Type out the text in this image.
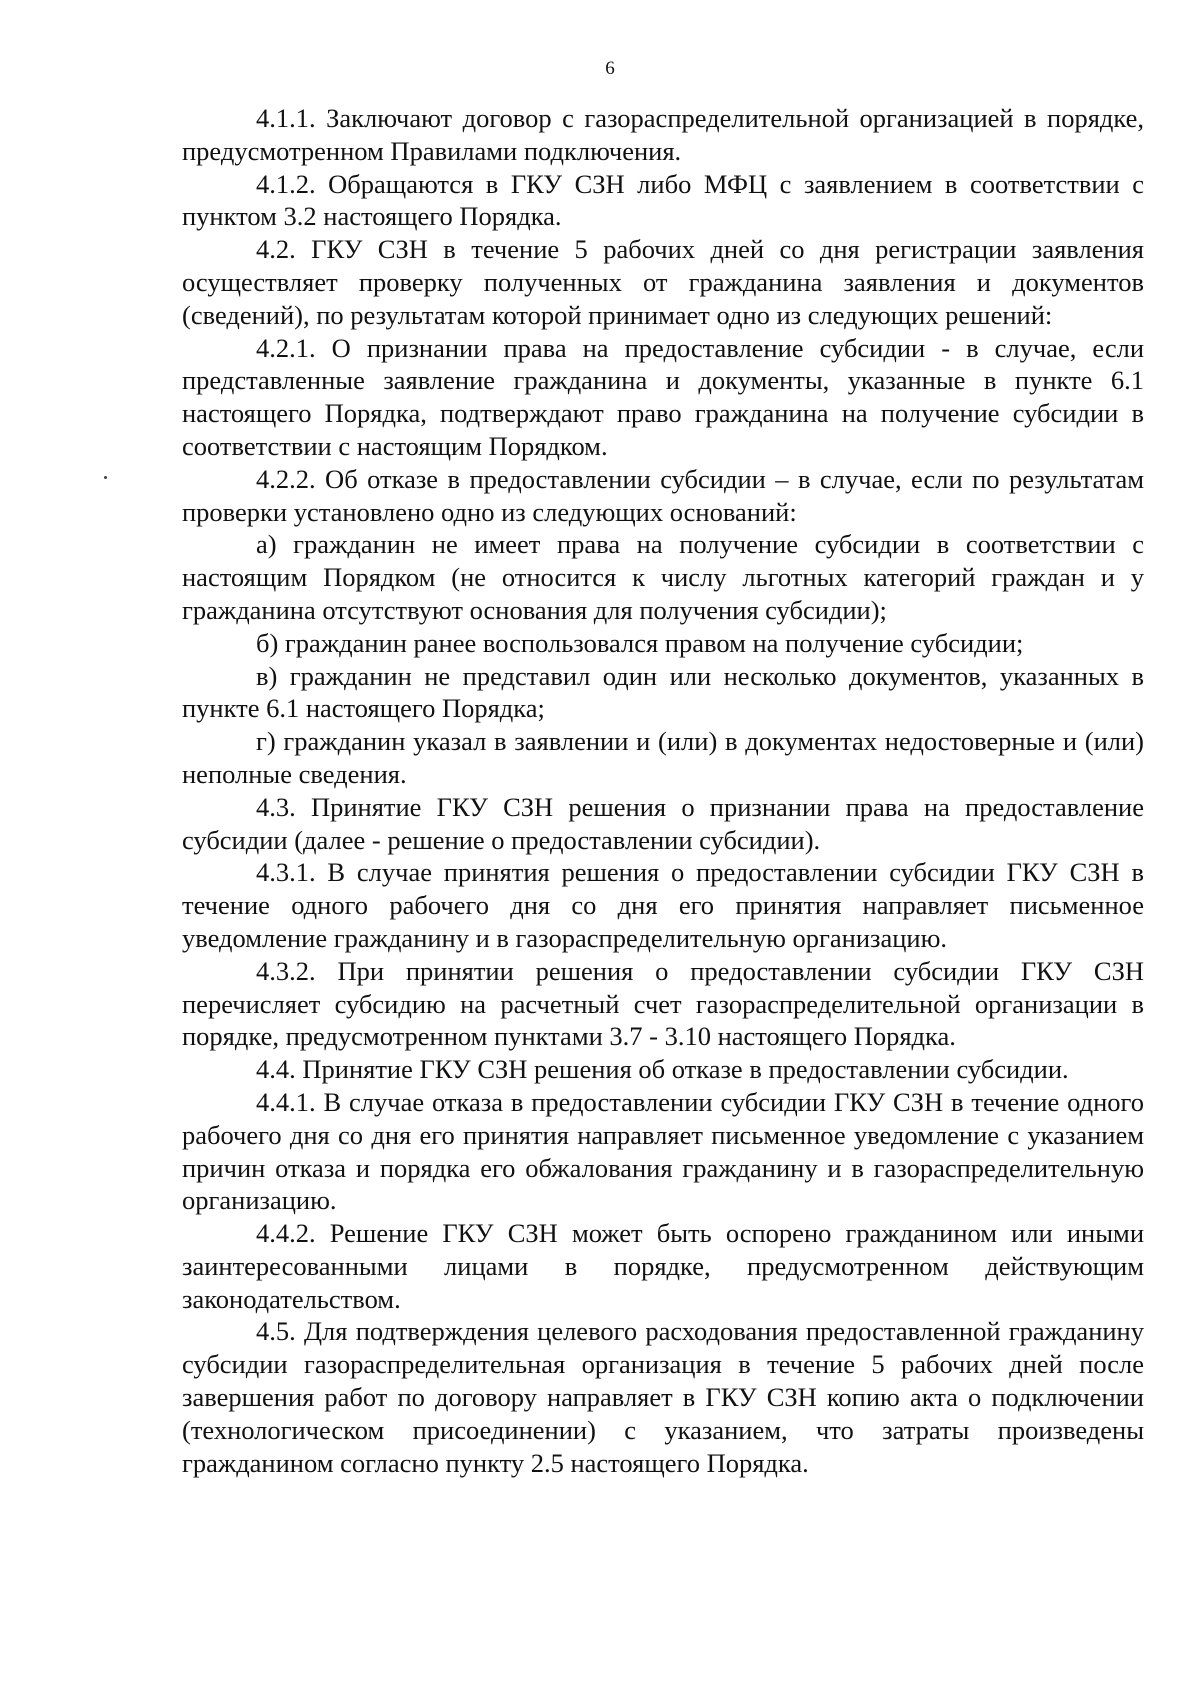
6

4.1.1. Заключают договор с газораспределительной организацией в порядке, предусмотренном Правилами подключения.

4.1.2. Обращаются в ГКУ СЗН либо МФЦ с заявлением в соответствии с пунктом 3.2 настоящего Порядка.

4.2. ГКУ СЗН в течение 5 рабочих дней со дня регистрации заявления осуществляет проверку полученных от гражданина заявления и документов (сведений), по результатам которой принимает одно из следующих решений:

4.2.1. О признании права на предоставление субсидии - в случае, если представленные заявление гражданина и документы, указанные в пункте 6.1 настоящего Порядка, подтверждают право гражданина на получение субсидии в соответствии с настоящим Порядком.

4.2.2. Об отказе в предоставлении субсидии – в случае, если по результатам проверки установлено одно из следующих оснований:

а) гражданин не имеет права на получение субсидии в соответствии с настоящим Порядком (не относится к числу льготных категорий граждан и у гражданина отсутствуют основания для получения субсидии);

б) гражданин ранее воспользовался правом на получение субсидии;

в) гражданин не представил один или несколько документов, указанных в пункте 6.1 настоящего Порядка;

г) гражданин указал в заявлении и (или) в документах недостоверные и (или) неполные сведения.

4.3. Принятие ГКУ СЗН решения о признании права на предоставление субсидии (далее - решение о предоставлении субсидии).

4.3.1. В случае принятия решения о предоставлении субсидии ГКУ СЗН в течение одного рабочего дня со дня его принятия направляет письменное уведомление гражданину и в газораспределительную организацию.

4.3.2. При принятии решения о предоставлении субсидии ГКУ СЗН перечисляет субсидию на расчетный счет газораспределительной организации в порядке, предусмотренном пунктами 3.7 - 3.10 настоящего Порядка.

4.4. Принятие ГКУ СЗН решения об отказе в предоставлении субсидии.

4.4.1. В случае отказа в предоставлении субсидии ГКУ СЗН в течение одного рабочего дня со дня его принятия направляет письменное уведомление с указанием причин отказа и порядка его обжалования гражданину и в газораспределительную организацию.

4.4.2. Решение ГКУ СЗН может быть оспорено гражданином или иными заинтересованными лицами в порядке, предусмотренном действующим законодательством.

4.5. Для подтверждения целевого расходования предоставленной гражданину субсидии газораспределительная организация в течение 5 рабочих дней после завершения работ по договору направляет в ГКУ СЗН копию акта о подключении (технологическом присоединении) с указанием, что затраты произведены гражданином согласно пункту 2.5 настоящего Порядка.
